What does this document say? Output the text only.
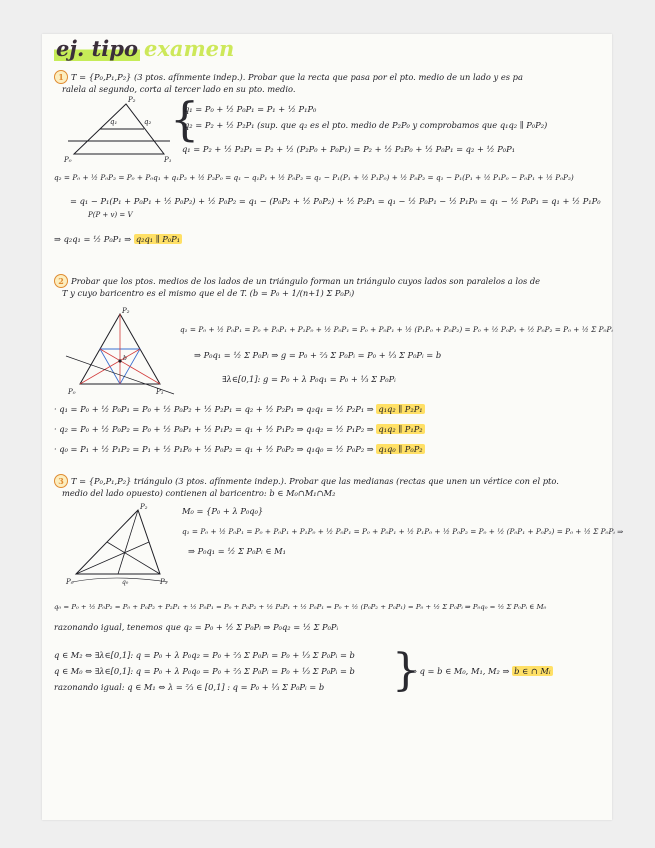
ej. tipo examen
1 T = {P₀,P₁,P₂} (3 ptos. afínmente indep.). Probar que la recta que pasa por el pto. medio de un lado y es pa
ralela al segundo, corta al tercer lado en su pto. medio.
q₁
P₂
q₂
P₀	P₁
{
q₁ = P₀ + ½ P₀P₁ = P₁ + ½ P₁P₀
q₂ = P₂ + ½ P₂P₁ (sup. que q₂ es el pto. medio de P₂P₀ y comprobamos que q₁q₂ ∥ P₀P₂)
q₁ = P₂ + ½ P₂P₁ = P₂ + ½ (P₂P₀ + P₀P₁) = P₂ + ½ P₂P₀ + ½ P₀P₁ = q₂ + ½ P₀P₁
q₂ = P₀ + ½ P₀P₂ = P₀ + P₀q₁ + q₁P₂ + ½ P₂P₀ = q₁ − q₁P₁ + ½ P₀P₂ = q₁ − P₁(P₁ + ½ P₁P₀) + ½ P₀P₂ = q₁ − P₁(P₁ + ½ P₁P₀ − P₀P₁ + ½ P₀P₂)
= q₁ − P₁(P₁ + P₀P₁ + ½ P₀P₂) + ½ P₀P₂ = q₁ − (P₀P₂ + ½ P₀P₂) + ½ P₂P₁ = q₁ − ½ P₀P₁ − ½ P₁P₀ = q₁ − ½ P₀P₁ = q₁ + ½ P₁P₀
P(P + v) = V
⇒ q₂q₁ = ½ P₀P₁ ⇒ q₂q₁ ∥ P₀P₁
2 Probar que los ptos. medios de los lados de un triángulo forman un triángulo cuyos lados son paralelos a los de
T y cuyo baricentro es el mismo que el de T. (b = P₀ + 1/(n+1) Σ P₀Pᵢ)
P₂
P₀	P₁
b
q₁ = P₀ + ½ P₀P₁ = P₀ + P₀P₁ + P₁P₀ + ½ P₀P₁ = P₀ + P₀P₁ + ½ (P₁P₀ + P₀P₂) = P₀ + ½ P₀P₁ + ½ P₀P₂ = P₀ + ½ Σ P₀Pᵢ
⇒ P₀q₁ = ½ Σ P₀Pᵢ ⇒ g = P₀ + ⅔ Σ P₀Pᵢ = P₀ + ⅓ Σ P₀Pᵢ = b
∃λ∈[0,1]: g = P₀ + λ P₀q₁ = P₀ + ⅓ Σ P₀Pᵢ
· q₁ = P₀ + ½ P₀P₁ = P₀ + ½ P₀P₂ + ½ P₂P₁ = q₂ + ½ P₂P₁ ⇒ q₂q₁ = ½ P₂P₁ ⇒ q₁q₂ ∥ P₂P₁
· q₂ = P₀ + ½ P₀P₂ = P₀ + ½ P₀P₁ + ½ P₁P₂ = q₁ + ½ P₁P₂ ⇒ q₁q₂ = ½ P₁P₂ ⇒ q₁q₂ ∥ P₁P₂
· q₀ = P₁ + ½ P₁P₂ = P₁ + ½ P₁P₀ + ½ P₀P₂ = q₁ + ½ P₀P₂ ⇒ q₁q₀ = ½ P₀P₂ ⇒ q₁q₀ ∥ P₀P₂
3 T = {P₀,P₁,P₂} triángulo (3 ptos. afínmente indep.). Probar que las medianas (rectas que unen un vértice con el pto.
medio del lado opuesto) contienen al baricentro: b ∈ M₀∩M₁∩M₂
P₂
P₀	P₁
q₀
M₀ = {P₀ + λ P₀q₀}
q₁ = P₀ + ½ P₀P₁ = P₀ + P₀P₁ + P₁P₀ + ½ P₀P₁ = P₀ + P₀P₁ + ½ P₁P₀ + ½ P₀P₂ = P₀ + ½ (P₀P₁ + P₀P₂) = P₀ + ½ Σ P₀Pᵢ ⇒
⇒ P₀q₁ = ½ Σ P₀Pᵢ ∈ M₁
q₀ = P₀ + ½ P₀P₂ = P₀ + P₀P₂ + P₂P₁ + ½ P₀P₁ = P₀ + P₀P₂ + ½ P₂P₁ + ½ P₀P₁ = P₀ + ½ (P₀P₂ + P₀P₁) = P₀ + ½ Σ P₀Pᵢ ⇒ P₀q₀ = ½ Σ P₀Pᵢ ∈ M₀
razonando igual, tenemos que q₂ = P₀ + ½ Σ P₀Pᵢ ⇒ P₀q₂ = ½ Σ P₀Pᵢ
q ∈ M₂ ⇔ ∃λ∈[0,1]: q = P₀ + λ P₀q₂ = P₀ + ⅔ Σ P₀Pᵢ = P₀ + ⅓ Σ P₀Pᵢ = b
q ∈ M₀ ⇔ ∃λ∈[0,1]: q = P₀ + λ P₀q₀ = P₀ + ⅔ Σ P₀Pᵢ = P₀ + ⅓ Σ P₀Pᵢ = b
razonando igual: q ∈ M₁ ⇔ λ = ⅔ ∈ [0,1] : q = P₀ + ⅓ Σ P₀Pᵢ = b }
⇒ q = b ∈ M₀, M₁, M₂ ⇒ b ∈ ∩ Mᵢ
